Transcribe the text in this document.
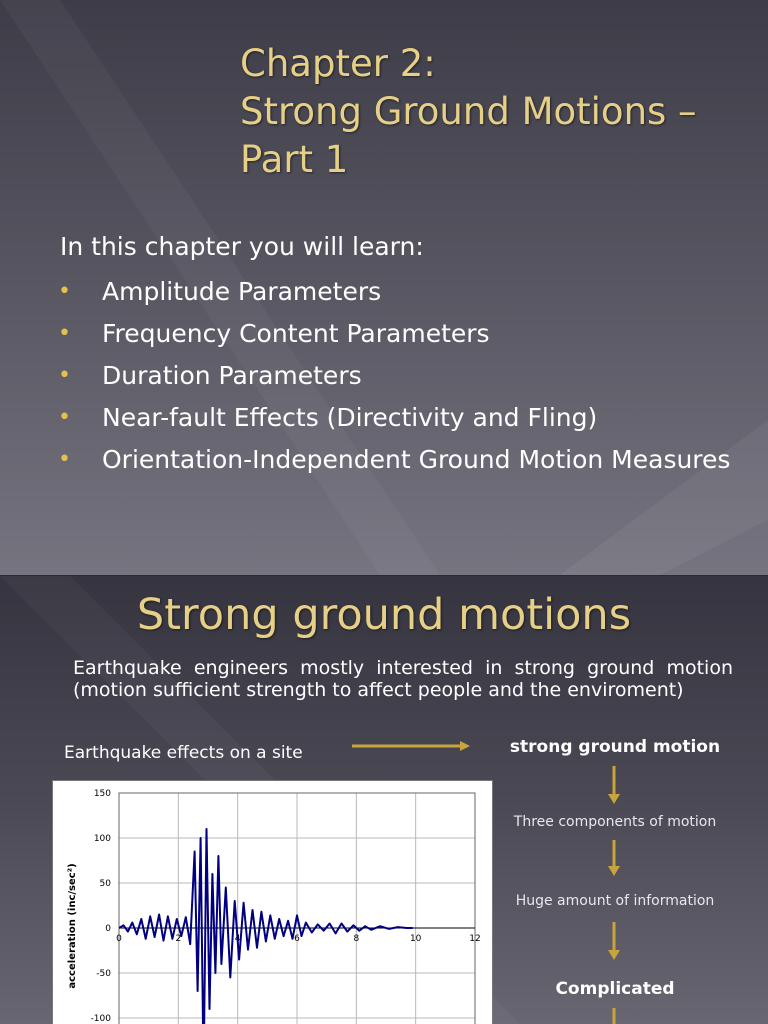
Chapter 2:
Strong Ground Motions –
Part 1

In this chapter you will learn:

• Amplitude Parameters
• Frequency Content Parameters
• Duration Parameters
• Near-fault Effects (Directivity and Fling)
• Orientation-Independent Ground Motion Measures
Strong ground motions

Earthquake engineers mostly interested in strong ground motion (motion sufficient strength to affect people and the enviroment)

Earthquake effects on a site	strong ground motion

Three components of motion

Huge amount of information

Complicated

acceleration (inc/sec²)
150
100
50
0
-50
-100
0	2	4	6	8	10	12
